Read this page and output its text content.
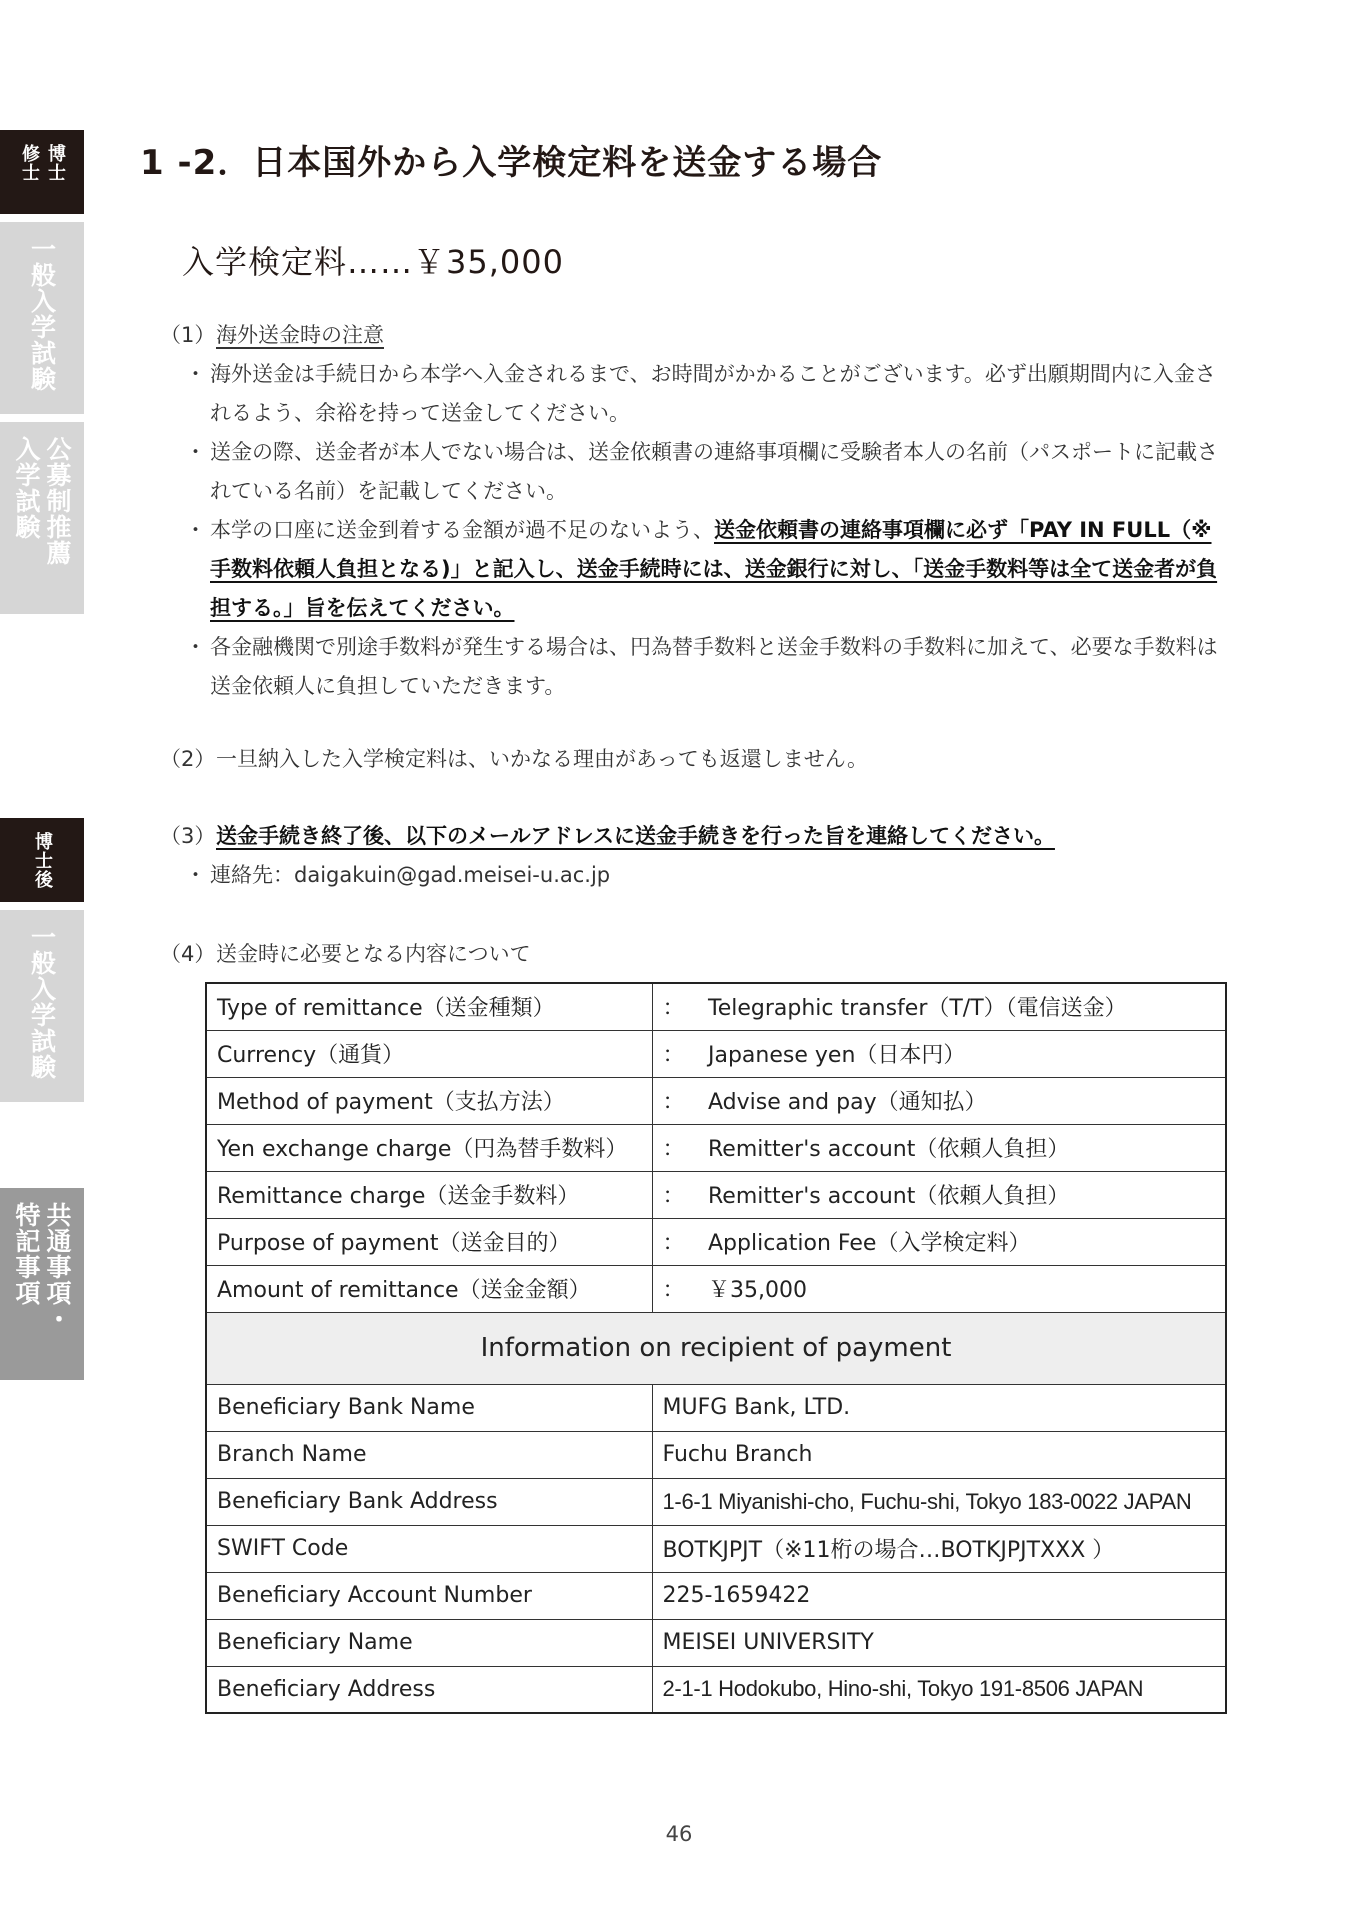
博士
修士
一般入学試験
公募制推薦
入学試験
博士後
一般入学試験
共通事項・
特記事項
1 -2．日本国外から入学検定料を送金する場合
入学検定料……￥35,000
（1） 海外送金時の注意
・ 海外送金は手続日から本学へ入金されるまで、お時間がかかることがございます。必ず出願期間内に入金されるよう、余裕を持って送金してください。
・ 送金の際、送金者が本人でない場合は、送金依頼書の連絡事項欄に受験者本人の名前（パスポートに記載されている名前）を記載してください。
・ 本学の口座に送金到着する金額が過不足のないよう、送金依頼書の連絡事項欄に必ず「PAY IN FULL（※手数料依頼人負担となる)」と記入し、送金手続時には、送金銀行に対し、「送金手数料等は全て送金者が負担する。」旨を伝えてください。
・ 各金融機関で別途手数料が発生する場合は、円為替手数料と送金手数料の手数料に加えて、必要な手数料は送金依頼人に負担していただきます。
（2） 一旦納入した入学検定料は、いかなる理由があっても返還しません。
（3） 送金手続き終了後、以下のメールアドレスに送金手続きを行った旨を連絡してください。
・ 連絡先：daigakuin@gad.meisei-u.ac.jp
（4） 送金時に必要となる内容について
Type of remittance（送金種類）	：	Telegraphic transfer（T/T）（電信送金）
Currency（通貨）	：	Japanese yen（日本円）
Method of payment（支払方法）	：	Advise and pay（通知払）
Yen exchange charge（円為替手数料）	：	Remitter's account（依頼人負担）
Remittance charge（送金手数料）	：	Remitter's account（依頼人負担）
Purpose of payment（送金目的）	：	Application Fee（入学検定料）
Amount of remittance（送金金額）	：	￥35,000
Information on recipient of payment		
Beneficiary Bank Name	MUFG Bank, LTD.	
Branch Name	Fuchu Branch	
Beneficiary Bank Address	1-6-1 Miyanishi-cho, Fuchu-shi, Tokyo 183-0022 JAPAN	
SWIFT Code	BOTKJPJT（※11桁の場合…BOTKJPJTXXX ）	
Beneficiary Account Number	225-1659422	
Beneficiary Name	MEISEI UNIVERSITY	
Beneficiary Address	2-1-1 Hodokubo, Hino-shi, Tokyo 191-8506 JAPAN	
46
